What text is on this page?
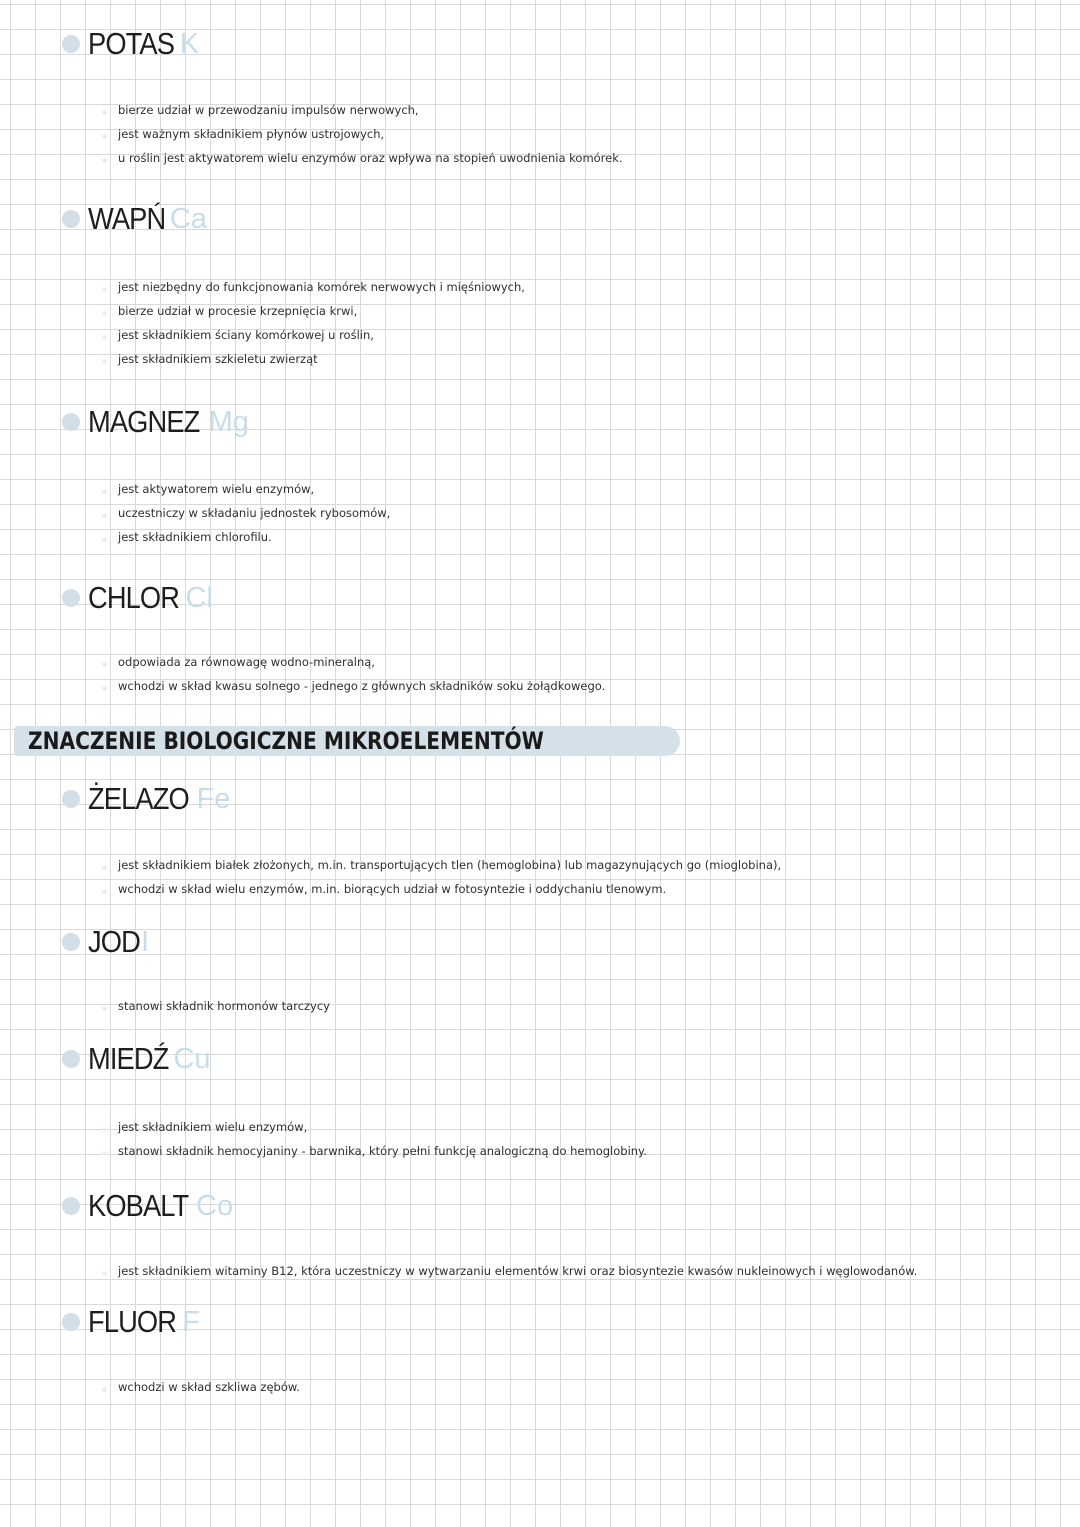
POTAS K
bierze udział w przewodzaniu impulsów nerwowych,
jest ważnym składnikiem płynów ustrojowych,
u roślin jest aktywatorem wielu enzymów oraz wpływa na stopień uwodnienia komórek.
WAPŃ Ca
jest niezbędny do funkcjonowania komórek nerwowych i mięśniowych,
bierze udział w procesie krzepnięcia krwi,
jest składnikiem ściany komórkowej u roślin,
jest składnikiem szkieletu zwierząt
MAGNEZ Mg
jest aktywatorem wielu enzymów,
uczestniczy w składaniu jednostek rybosomów,
jest składnikiem chlorofilu.
CHLOR Cl
odpowiada za równowagę wodno-mineralną,
wchodzi w skład kwasu solnego - jednego z głównych składników soku żołądkowego.
ZNACZENIE BIOLOGICZNE MIKROELEMENTÓW
ŻELAZO Fe
jest składnikiem białek złożonych, m.in. transportujących tlen (hemoglobina) lub magazynujących go (mioglobina),
wchodzi w skład wielu enzymów, m.in. biorących udział w fotosyntezie i oddychaniu tlenowym.
JOD I
stanowi składnik hormonów tarczycy
MIEDŹ Cu
jest składnikiem wielu enzymów,
stanowi składnik hemocyjaniny - barwnika, który pełni funkcję analogiczną do hemoglobiny.
KOBALT Co
jest składnikiem witaminy B12, która uczestniczy w wytwarzaniu elementów krwi oraz biosyntezie kwasów nukleinowych i węglowodanów.
FLUOR F
wchodzi w skład szkliwa zębów.
